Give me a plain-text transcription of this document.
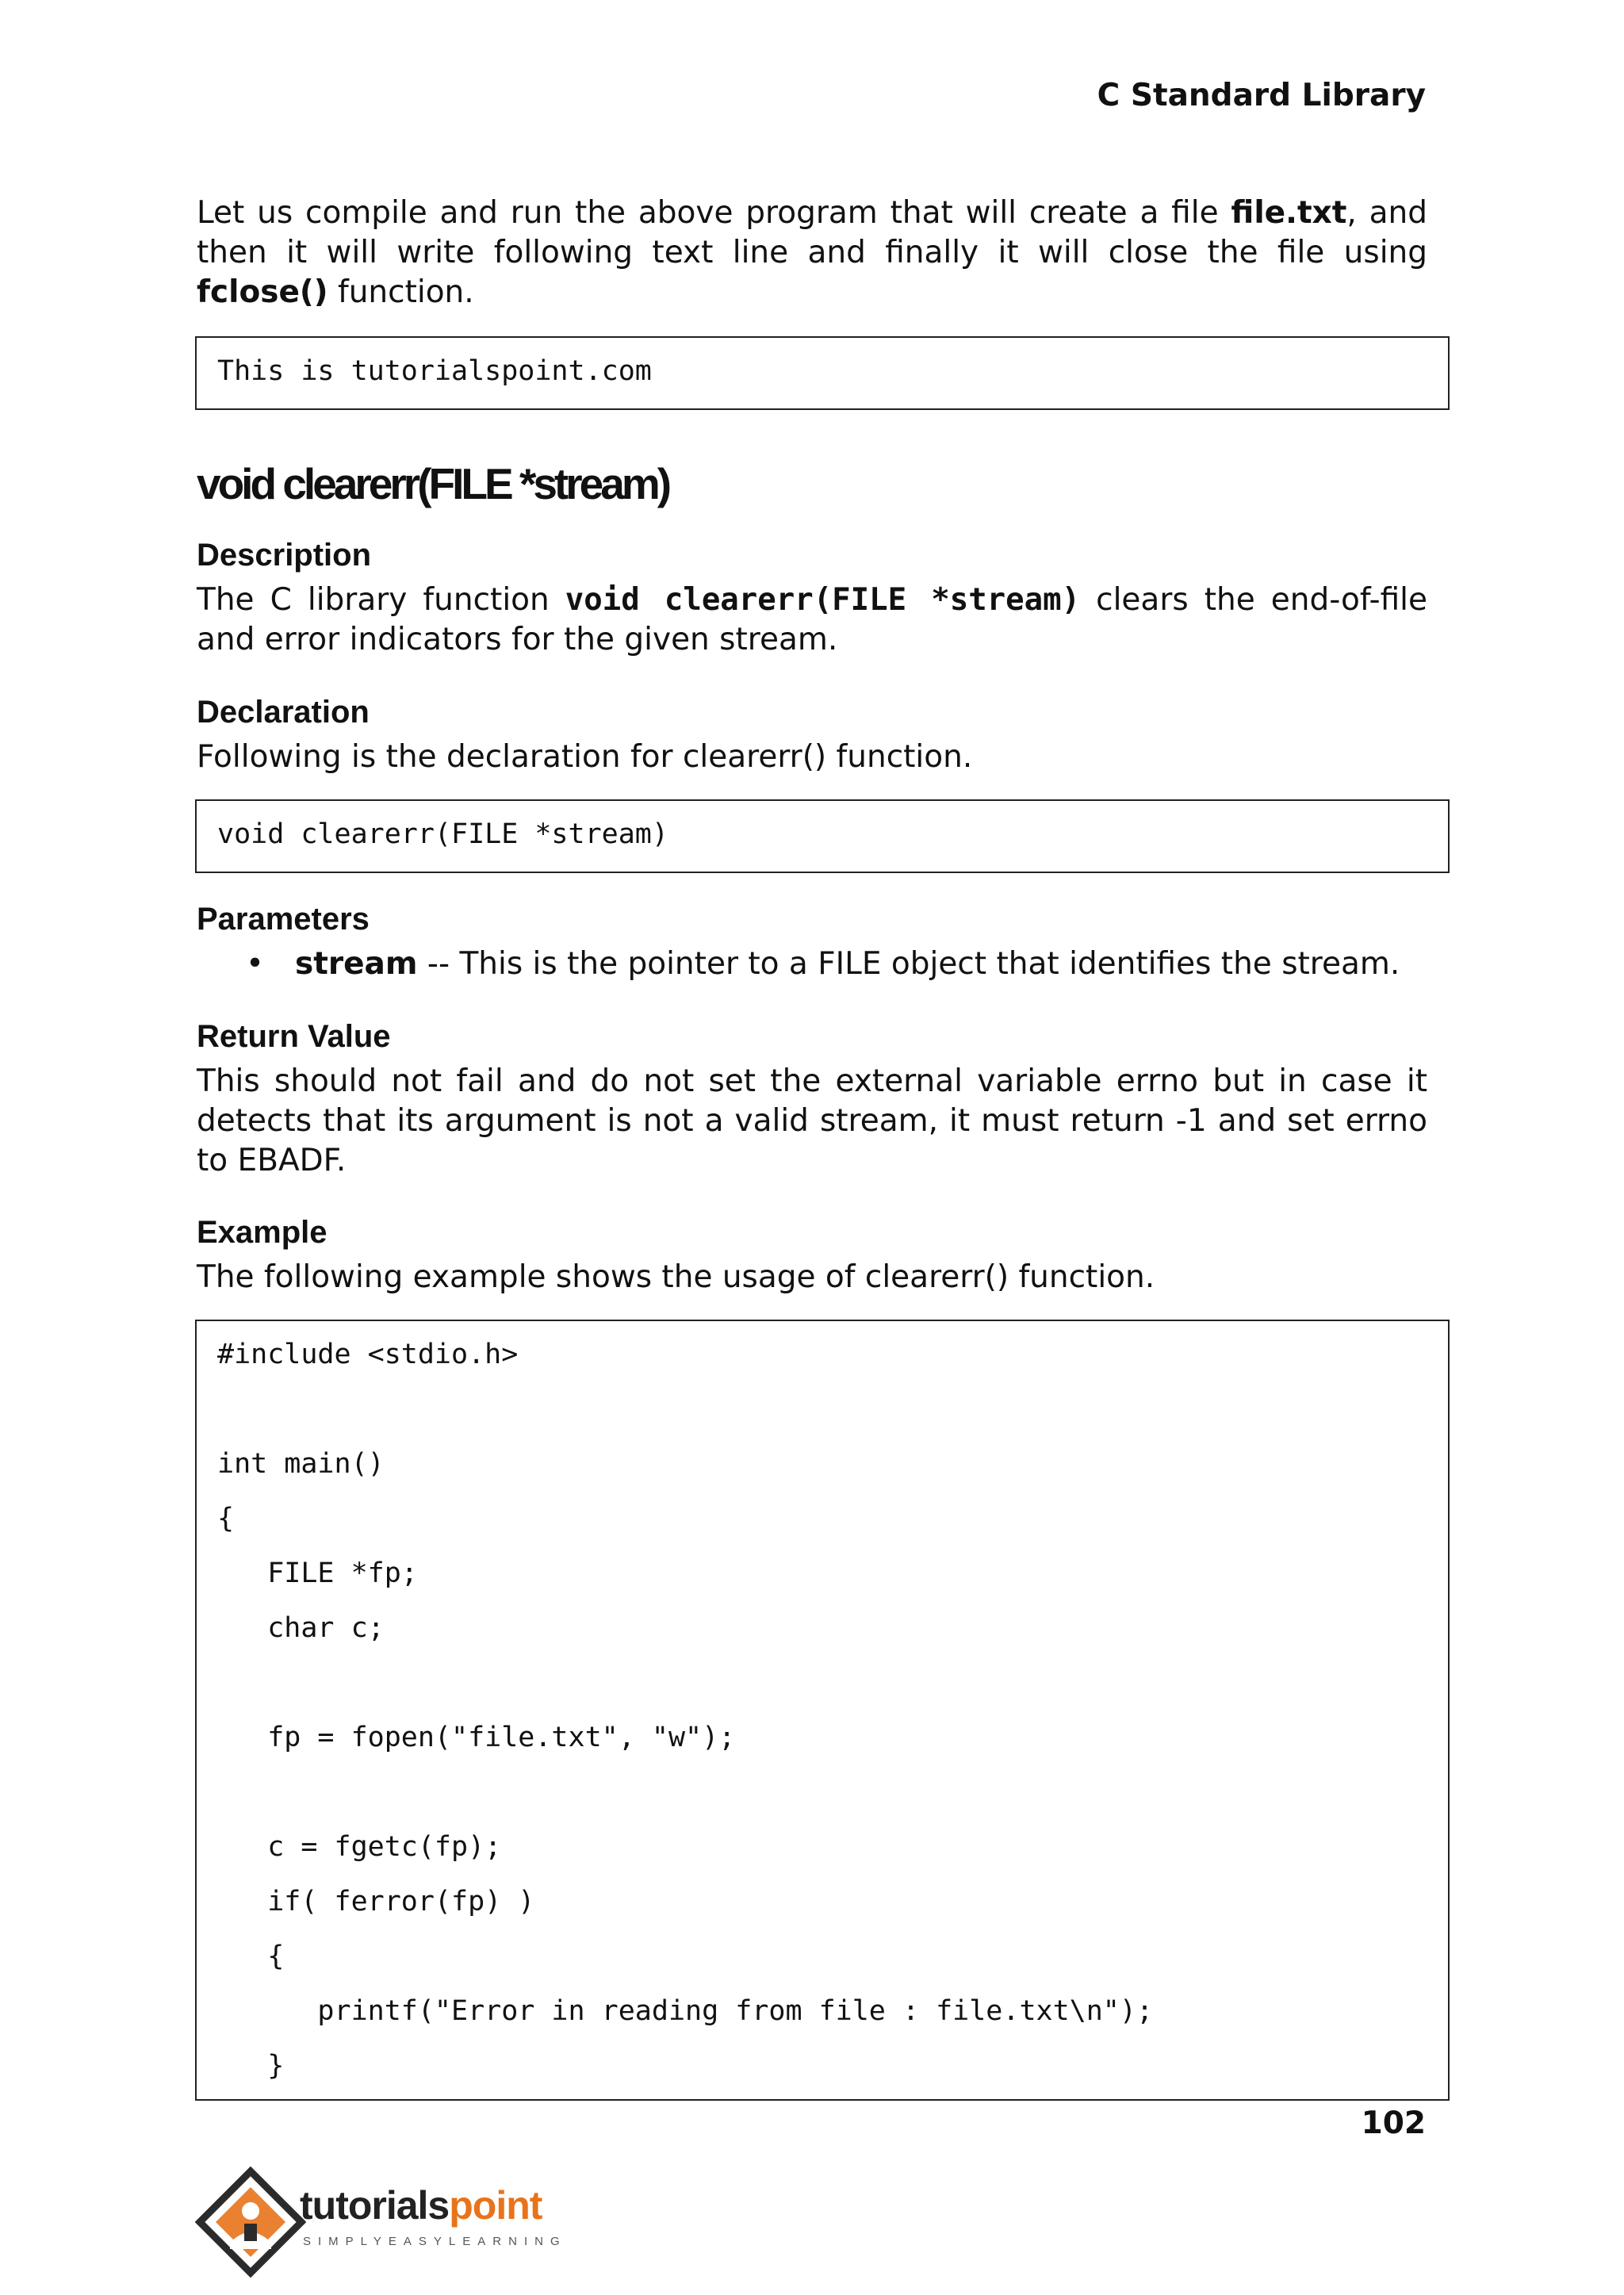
C Standard Library
Let us compile and run the above program that will create a file file.txt, and then it will write following text line and finally it will close the file using fclose() function.
This is tutorialspoint.com
void clearerr(FILE *stream)
Description
The C library function void clearerr(FILE *stream) clears the end-of-file and error indicators for the given stream.
Declaration
Following is the declaration for clearerr() function.
void clearerr(FILE *stream)
Parameters
• stream -- This is the pointer to a FILE object that identifies the stream.
Return Value
This should not fail and do not set the external variable errno but in case it detects that its argument is not a valid stream, it must return -1 and set errno to EBADF.
Example
The following example shows the usage of clearerr() function.
#include <stdio.h>
int main()
{
FILE *fp;
char c;
fp = fopen("file.txt", "w");
c = fgetc(fp);
if( ferror(fp) )
{
printf("Error in reading from file : file.txt\n");
}
102
tutorialspoint
SIMPLYEASYLEARNING
